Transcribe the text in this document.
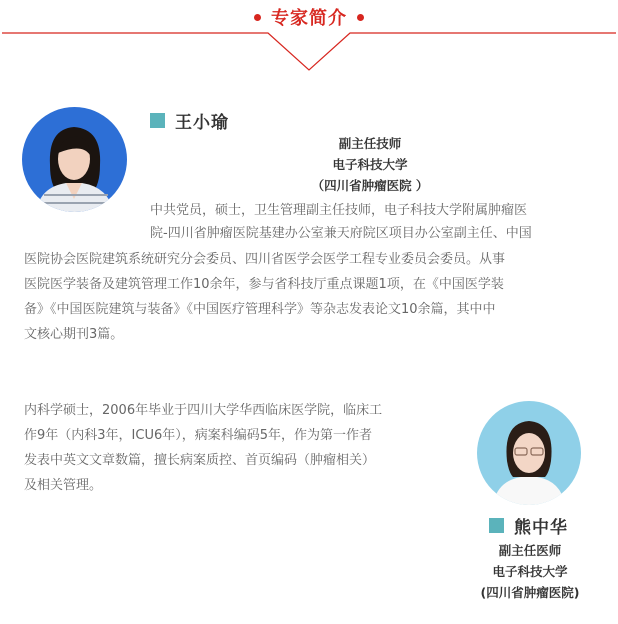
专家简介
王小瑜
副主任技师
电子科技大学
（四川省肿瘤医院 ）
中共党员，硕士，卫生管理副主任技师，电子科技大学附属肿瘤医
院-四川省肿瘤医院基建办公室兼天府院区项目办公室副主任、中国
医院协会医院建筑系统研究分会委员、四川省医学会医学工程专业委员会委员。从事
医院医学装备及建筑管理工作10余年，参与省科技厅重点课题1项，在《中国医学装
备》《中国医院建筑与装备》《中国医疗管理科学》等杂志发表论文10余篇，其中中
文核心期刊3篇。
内科学硕士，2006年毕业于四川大学华西临床医学院，临床工
作9年（内科3年，ICU6年），病案科编码5年，作为第一作者
发表中英文文章数篇，擅长病案质控、首页编码（肿瘤相关）
及相关管理。
熊中华
副主任医师
电子科技大学
(四川省肿瘤医院)
